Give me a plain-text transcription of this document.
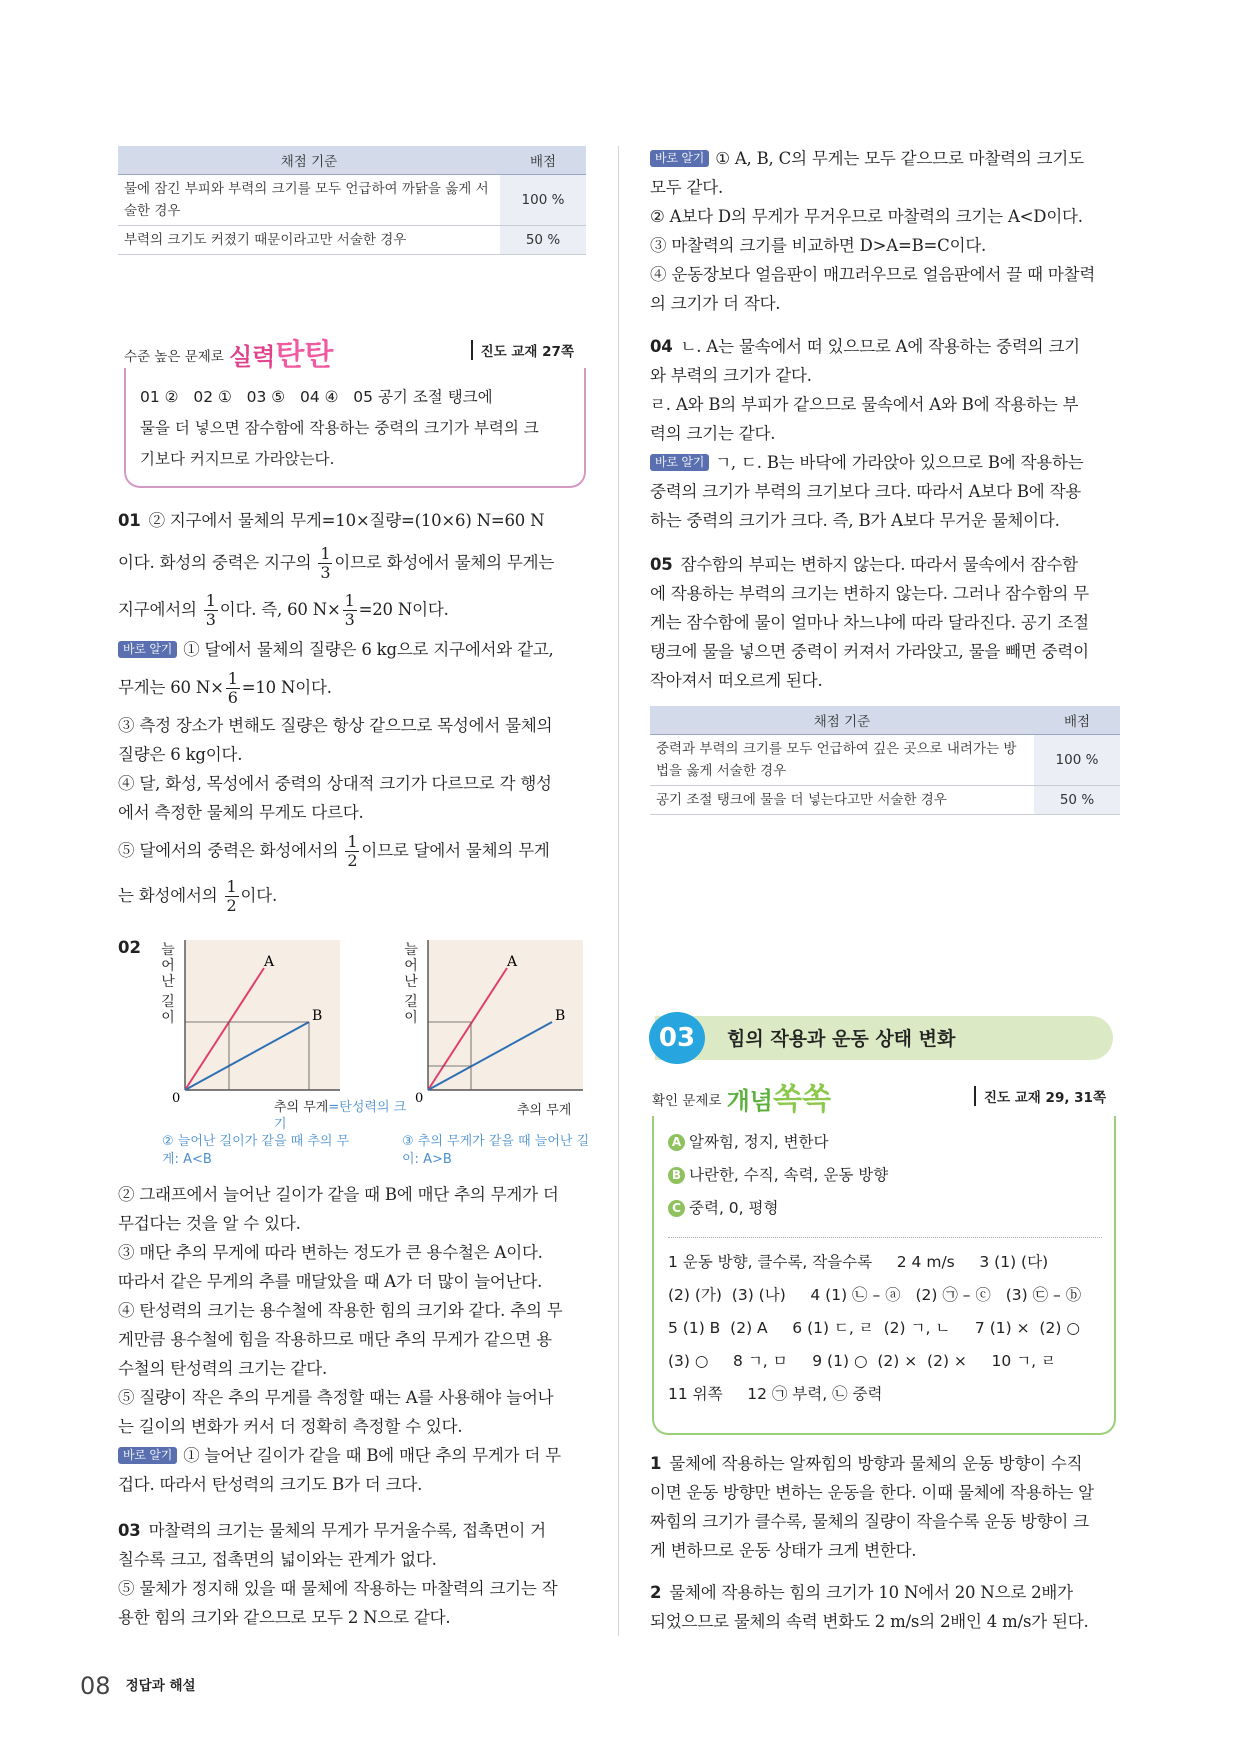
채점 기준	배점
물에 잠긴 부피와 부력의 크기를 모두 언급하여 까닭을 옳게 서술한 경우	100 %
부력의 크기도 커졌기 때문이라고만 서술한 경우	50 %
$^{수준 높은 문제로}$ 실력탄탄	진도 교재 27쪽
01 ②   02 ①   03 ⑤   04 ④   05 공기 조절 탱크에
물을 더 넣으면 잠수함에 작용하는 중력의 크기가 부력의 크
기보다 커지므로 가라앉는다.
01 ② 지구에서 물체의 무게=10×질량=(10×6) N=60 N
이다. 화성의 중력은 지구의 $\frac{1}{3}$ 이므로 화성에서 물체의 무게는
지구에서의 $\frac{1}{3}$ 이다. 즉, 60 $N\times \frac{1}{3} =20$ N이다.
바로 알기 ① 달에서 물체의 질량은 6 kg으로 지구에서와 같고,
무게는 60 $N\times \frac{1}{6} =10$ N이다.
③ 측정 장소가 변해도 질량은 항상 같으므로 목성에서 물체의
질량은 6 kg이다.
④ 달, 화성, 목성에서 중력의 상대적 크기가 다르므로 각 행성
에서 측정한 물체의 무게도 다르다.
⑤ 달에서의 중력은 화성에서의 $\frac{1}{2}$ 이므로 달에서 물체의 무게
는 화성에서의 $\frac{1}{2}$ 이다.
02
A
B
0
A
B
0
늘
어
난
길
이
늘
어
난
길
이
추의 무게=탄성력의 크기
추의 무게
② 늘어난 길이가 같을 때 추의 무게: A<B
③ 추의 무게가 같을 때 늘어난 길이: A>B
② 그래프에서 늘어난 길이가 같을 때 B에 매단 추의 무게가 더
무겁다는 것을 알 수 있다.
③ 매단 추의 무게에 따라 변하는 정도가 큰 용수철은 A이다.
따라서 같은 무게의 추를 매달았을 때 A가 더 많이 늘어난다.
④ 탄성력의 크기는 용수철에 작용한 힘의 크기와 같다. 추의 무
게만큼 용수철에 힘을 작용하므로 매단 추의 무게가 같으면 용
수철의 탄성력의 크기는 같다.
⑤ 질량이 작은 추의 무게를 측정할 때는 A를 사용해야 늘어나
는 길이의 변화가 커서 더 정확히 측정할 수 있다.
바로 알기 ① 늘어난 길이가 같을 때 B에 매단 추의 무게가 더 무
겁다. 따라서 탄성력의 크기도 B가 더 크다.
03 마찰력의 크기는 물체의 무게가 무거울수록, 접촉면이 거
칠수록 크고, 접촉면의 넓이와는 관계가 없다.
⑤ 물체가 정지해 있을 때 물체에 작용하는 마찰력의 크기는 작
용한 힘의 크기와 같으므로 모두 2 N으로 같다.
바로 알기 ① A, B, C의 무게는 모두 같으므로 마찰력의 크기도
모두 같다.
② A보다 D의 무게가 무거우므로 마찰력의 크기는 A<D이다.
③ 마찰력의 크기를 비교하면 D>A=B=C이다.
④ 운동장보다 얼음판이 매끄러우므로 얼음판에서 끌 때 마찰력
의 크기가 더 작다.
04 ㄴ. A는 물속에서 떠 있으므로 A에 작용하는 중력의 크기
와 부력의 크기가 같다.
ㄹ. A와 B의 부피가 같으므로 물속에서 A와 B에 작용하는 부
력의 크기는 같다.
바로 알기 ㄱ, ㄷ. B는 바닥에 가라앉아 있으므로 B에 작용하는
중력의 크기가 부력의 크기보다 크다. 따라서 A보다 B에 작용
하는 중력의 크기가 크다. 즉, B가 A보다 무거운 물체이다.
05 잠수함의 부피는 변하지 않는다. 따라서 물속에서 잠수함
에 작용하는 부력의 크기는 변하지 않는다. 그러나 잠수함의 무
게는 잠수함에 물이 얼마나 차느냐에 따라 달라진다. 공기 조절
탱크에 물을 넣으면 중력이 커져서 가라앉고, 물을 빼면 중력이
작아져서 떠오르게 된다.
채점 기준	배점
중력과 부력의 크기를 모두 언급하여 깊은 곳으로 내려가는 방법을 옳게 서술한 경우	100 %
공기 조절 탱크에 물을 더 넣는다고만 서술한 경우	50 %
03	힘의 작용과 운동 상태 변화
$^{확인 문제로}$ 개념쏙쏙	진도 교재 29, 31쪽
A 알짜힘, 정지, 변한다
B 나란한, 수직, 속력, 운동 방향
C 중력, 0, 평형
1 운동 방향, 클수록, 작을수록     2 4 m/s     3 (1) (다)
(2) (가)  (3) (나)     4 (1) ㉡ – ⓐ   (2) ㉠ – ⓒ   (3) ㉢ – ⓑ
5 (1) B  (2) A     6 (1) ㄷ, ㄹ  (2) ㄱ, ㄴ     7 (1) ×  (2) ○
(3) ○     8 ㄱ, ㅁ     9 (1) ○  (2) ×  (2) ×     10 ㄱ, ㄹ
11 위쪽     12 ㉠ 부력, ㉡ 중력
1 물체에 작용하는 알짜힘의 방향과 물체의 운동 방향이 수직
이면 운동 방향만 변하는 운동을 한다. 이때 물체에 작용하는 알
짜힘의 크기가 클수록, 물체의 질량이 작을수록 운동 방향이 크
게 변하므로 운동 상태가 크게 변한다.
2 물체에 작용하는 힘의 크기가 10 N에서 20 N으로 2배가
되었으므로 물체의 속력 변화도 2 m/s의 2배인 4 m/s가 된다.
08 $^{정답과 해설}$
